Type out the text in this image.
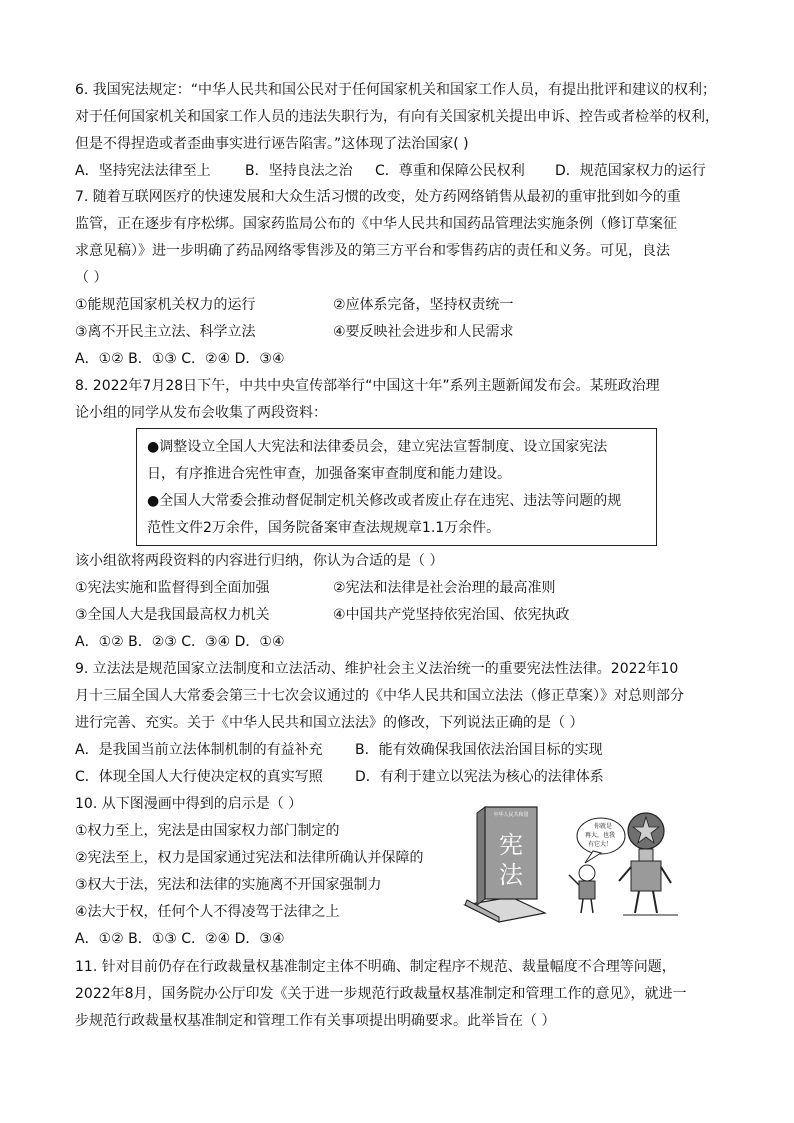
6. 我国宪法规定：“中华人民共和国公民对于任何国家机关和国家工作人员，有提出批评和建议的权利；
对于任何国家机关和国家工作人员的违法失职行为，有向有关国家机关提出申诉、控告或者检举的权利，
但是不得捏造或者歪曲事实进行诬告陷害。”这体现了法治国家( )
A．坚持宪法法律至上 B．坚持良法之治 C．尊重和保障公民权利 D．规范国家权力的运行
7. 随着互联网医疗的快速发展和大众生活习惯的改变，处方药网络销售从最初的重审批到如今的重
监管，正在逐步有序松绑。国家药监局公布的《中华人民共和国药品管理法实施条例（修订草案征
求意见稿）》进一步明确了药品网络零售涉及的第三方平台和零售药店的责任和义务。可见，良法
（ ）
①能规范国家机关权力的运行	②应体系完备，坚持权责统一
③离不开民主立法、科学立法	④要反映社会进步和人民需求
A．①② B．①③ C．②④ D．③④
8. 2022年7月28日下午，中共中央宣传部举行“中国这十年”系列主题新闻发布会。某班政治理
论小组的同学从发布会收集了两段资料：
●调整设立全国人大宪法和法律委员会，建立宪法宣誓制度、设立国家宪法
日，有序推进合宪性审查，加强备案审查制度和能力建设。
●全国人大常委会推动督促制定机关修改或者废止存在违宪、违法等问题的规
范性文件2万余件，国务院备案审查法规规章1.1万余件。
该小组欲将两段资料的内容进行归纳，你认为合适的是（ ）
①宪法实施和监督得到全面加强	②宪法和法律是社会治理的最高准则
③全国人大是我国最高权力机关	④中国共产党坚持依宪治国、依宪执政
A．①② B．②③ C．③④ D．①④
9. 立法法是规范国家立法制度和立法活动、维护社会主义法治统一的重要宪法性法律。2022年10
月十三届全国人大常委会第三十七次会议通过的《中华人民共和国立法法（修正草案）》对总则部分
进行完善、充实。关于《中华人民共和国立法法》的修改，下列说法正确的是（ ）
A．是我国当前立法体制机制的有益补充 B．能有效确保我国依法治国目标的实现
C．体现全国人大行使决定权的真实写照 D．有利于建立以宪法为核心的法律体系
10. 从下图漫画中得到的启示是（ ）
①权力至上，宪法是由国家权力部门制定的
②宪法至上，权力是国家通过宪法和法律所确认并保障的
③权大于法，宪法和法律的实施离不开国家强制力
④法大于权，任何个人不得凌驾于法律之上
A．①② B．①③ C．②④ D．③④
中华人民共和国
宪
法
你就是
再大，也我
有它大！
11. 针对目前仍存在行政裁量权基准制定主体不明确、制定程序不规范、裁量幅度不合理等问题，
2022年8月，国务院办公厅印发《关于进一步规范行政裁量权基准制定和管理工作的意见》，就进一
步规范行政裁量权基准制定和管理工作有关事项提出明确要求。此举旨在（ ）
